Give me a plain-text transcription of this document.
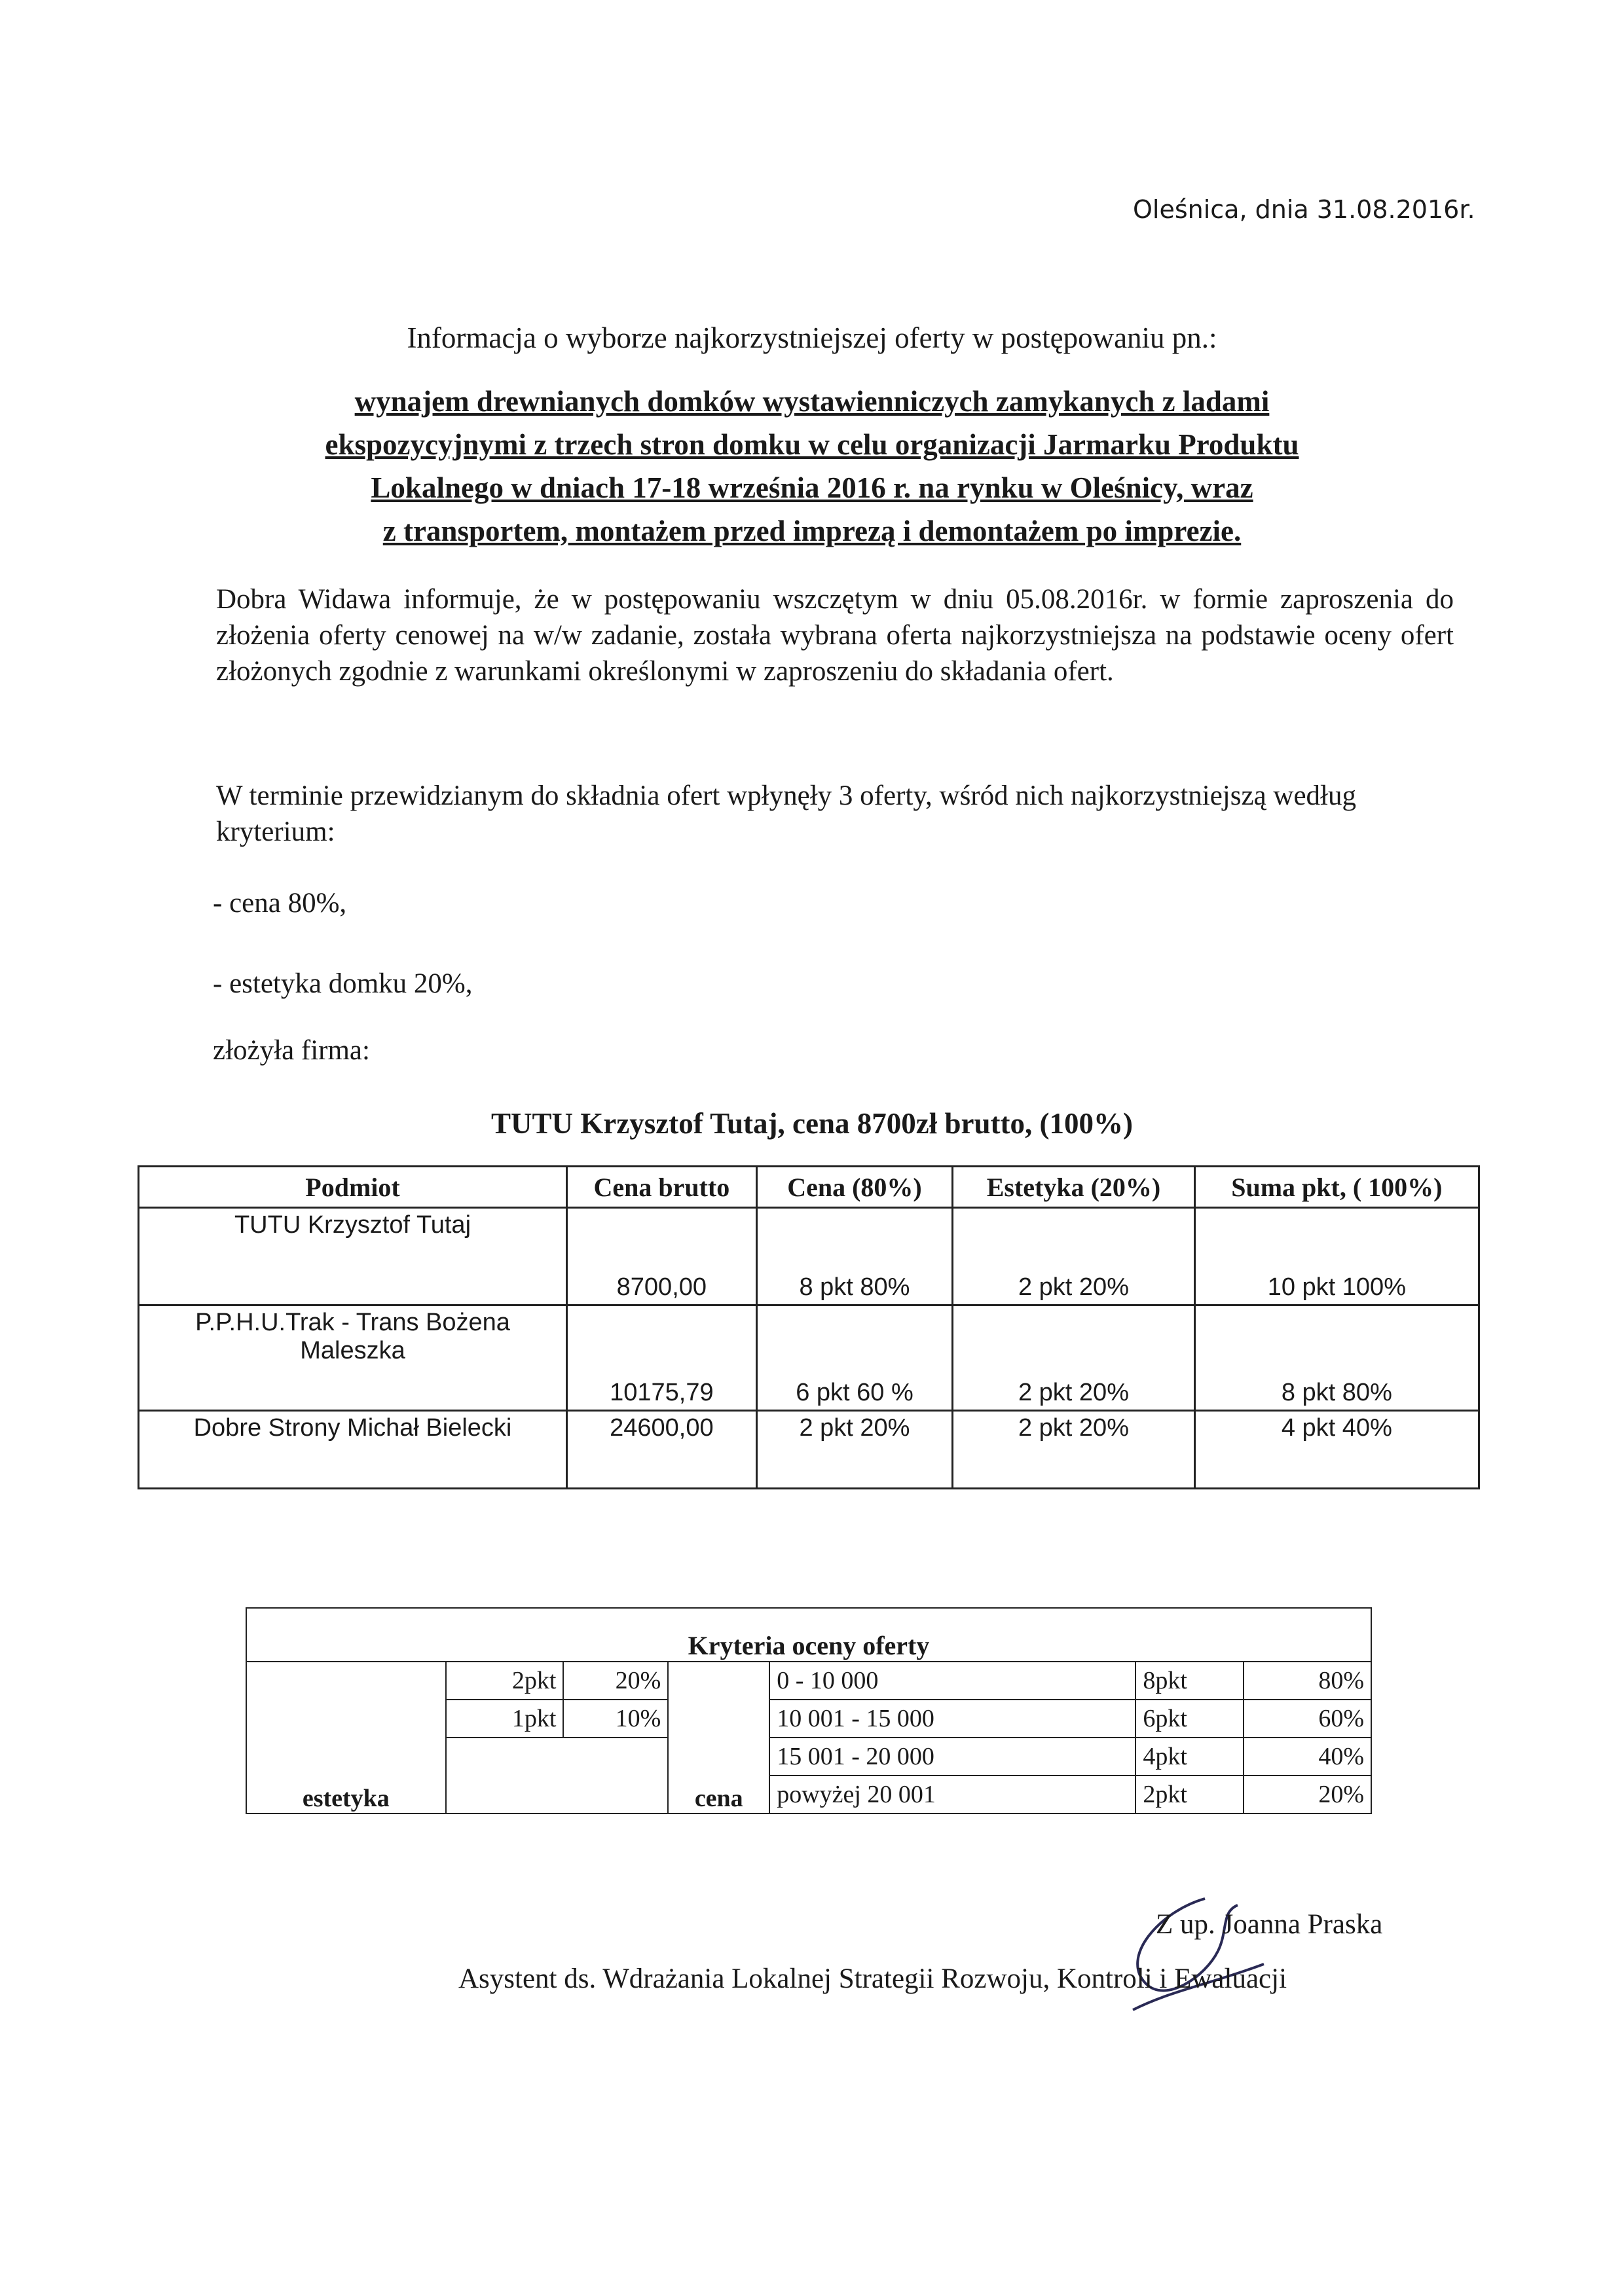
Oleśnica, dnia 31.08.2016r.
Informacja o wyborze najkorzystniejszej oferty w postępowaniu pn.:
wynajem drewnianych domków wystawienniczych zamykanych z ladami
ekspozycyjnymi z trzech stron domku w celu organizacji Jarmarku Produktu
Lokalnego w dniach 17-18 września 2016 r. na rynku w Oleśnicy, wraz
z transportem, montażem przed imprezą i demontażem po imprezie.
Dobra Widawa informuje, że w postępowaniu wszczętym w dniu 05.08.2016r. w formie zaproszenia do złożenia oferty cenowej na w/w zadanie, została wybrana oferta najkorzystniejsza na podstawie oceny ofert złożonych zgodnie z warunkami określonymi w zaproszeniu do składania ofert.
W terminie przewidzianym do składnia ofert wpłynęły 3 oferty, wśród nich najkorzystniejszą według kryterium:
- cena 80%,
- estetyka domku 20%,
złożyła firma:
TUTU Krzysztof Tutaj, cena 8700zł brutto, (100%)
Podmiot	Cena brutto	Cena (80%)	Estetyka (20%)	Suma pkt, ( 100%)
TUTU Krzysztof Tutaj	8700,00	8 pkt 80%	2 pkt 20%	10 pkt 100%
P.P.H.U.Trak - Trans Bożena Maleszka	10175,79	6 pkt 60 %	2 pkt 20%	8 pkt 80%
Dobre Strony Michał Bielecki	24600,00	2 pkt 20%	2 pkt 20%	4 pkt 40%
Kryteria oceny oferty						
estetyka	2pkt	20%	cena	0 - 10 000	8pkt	80%
	1pkt	10%		10 001 - 15 000	6pkt	60%
				15 001 - 20 000	4pkt	40%
				powyżej 20 001	2pkt	20%
Z up. Joanna Praska
Asystent ds. Wdrażania Lokalnej Strategii Rozwoju, Kontroli i Ewaluacji
